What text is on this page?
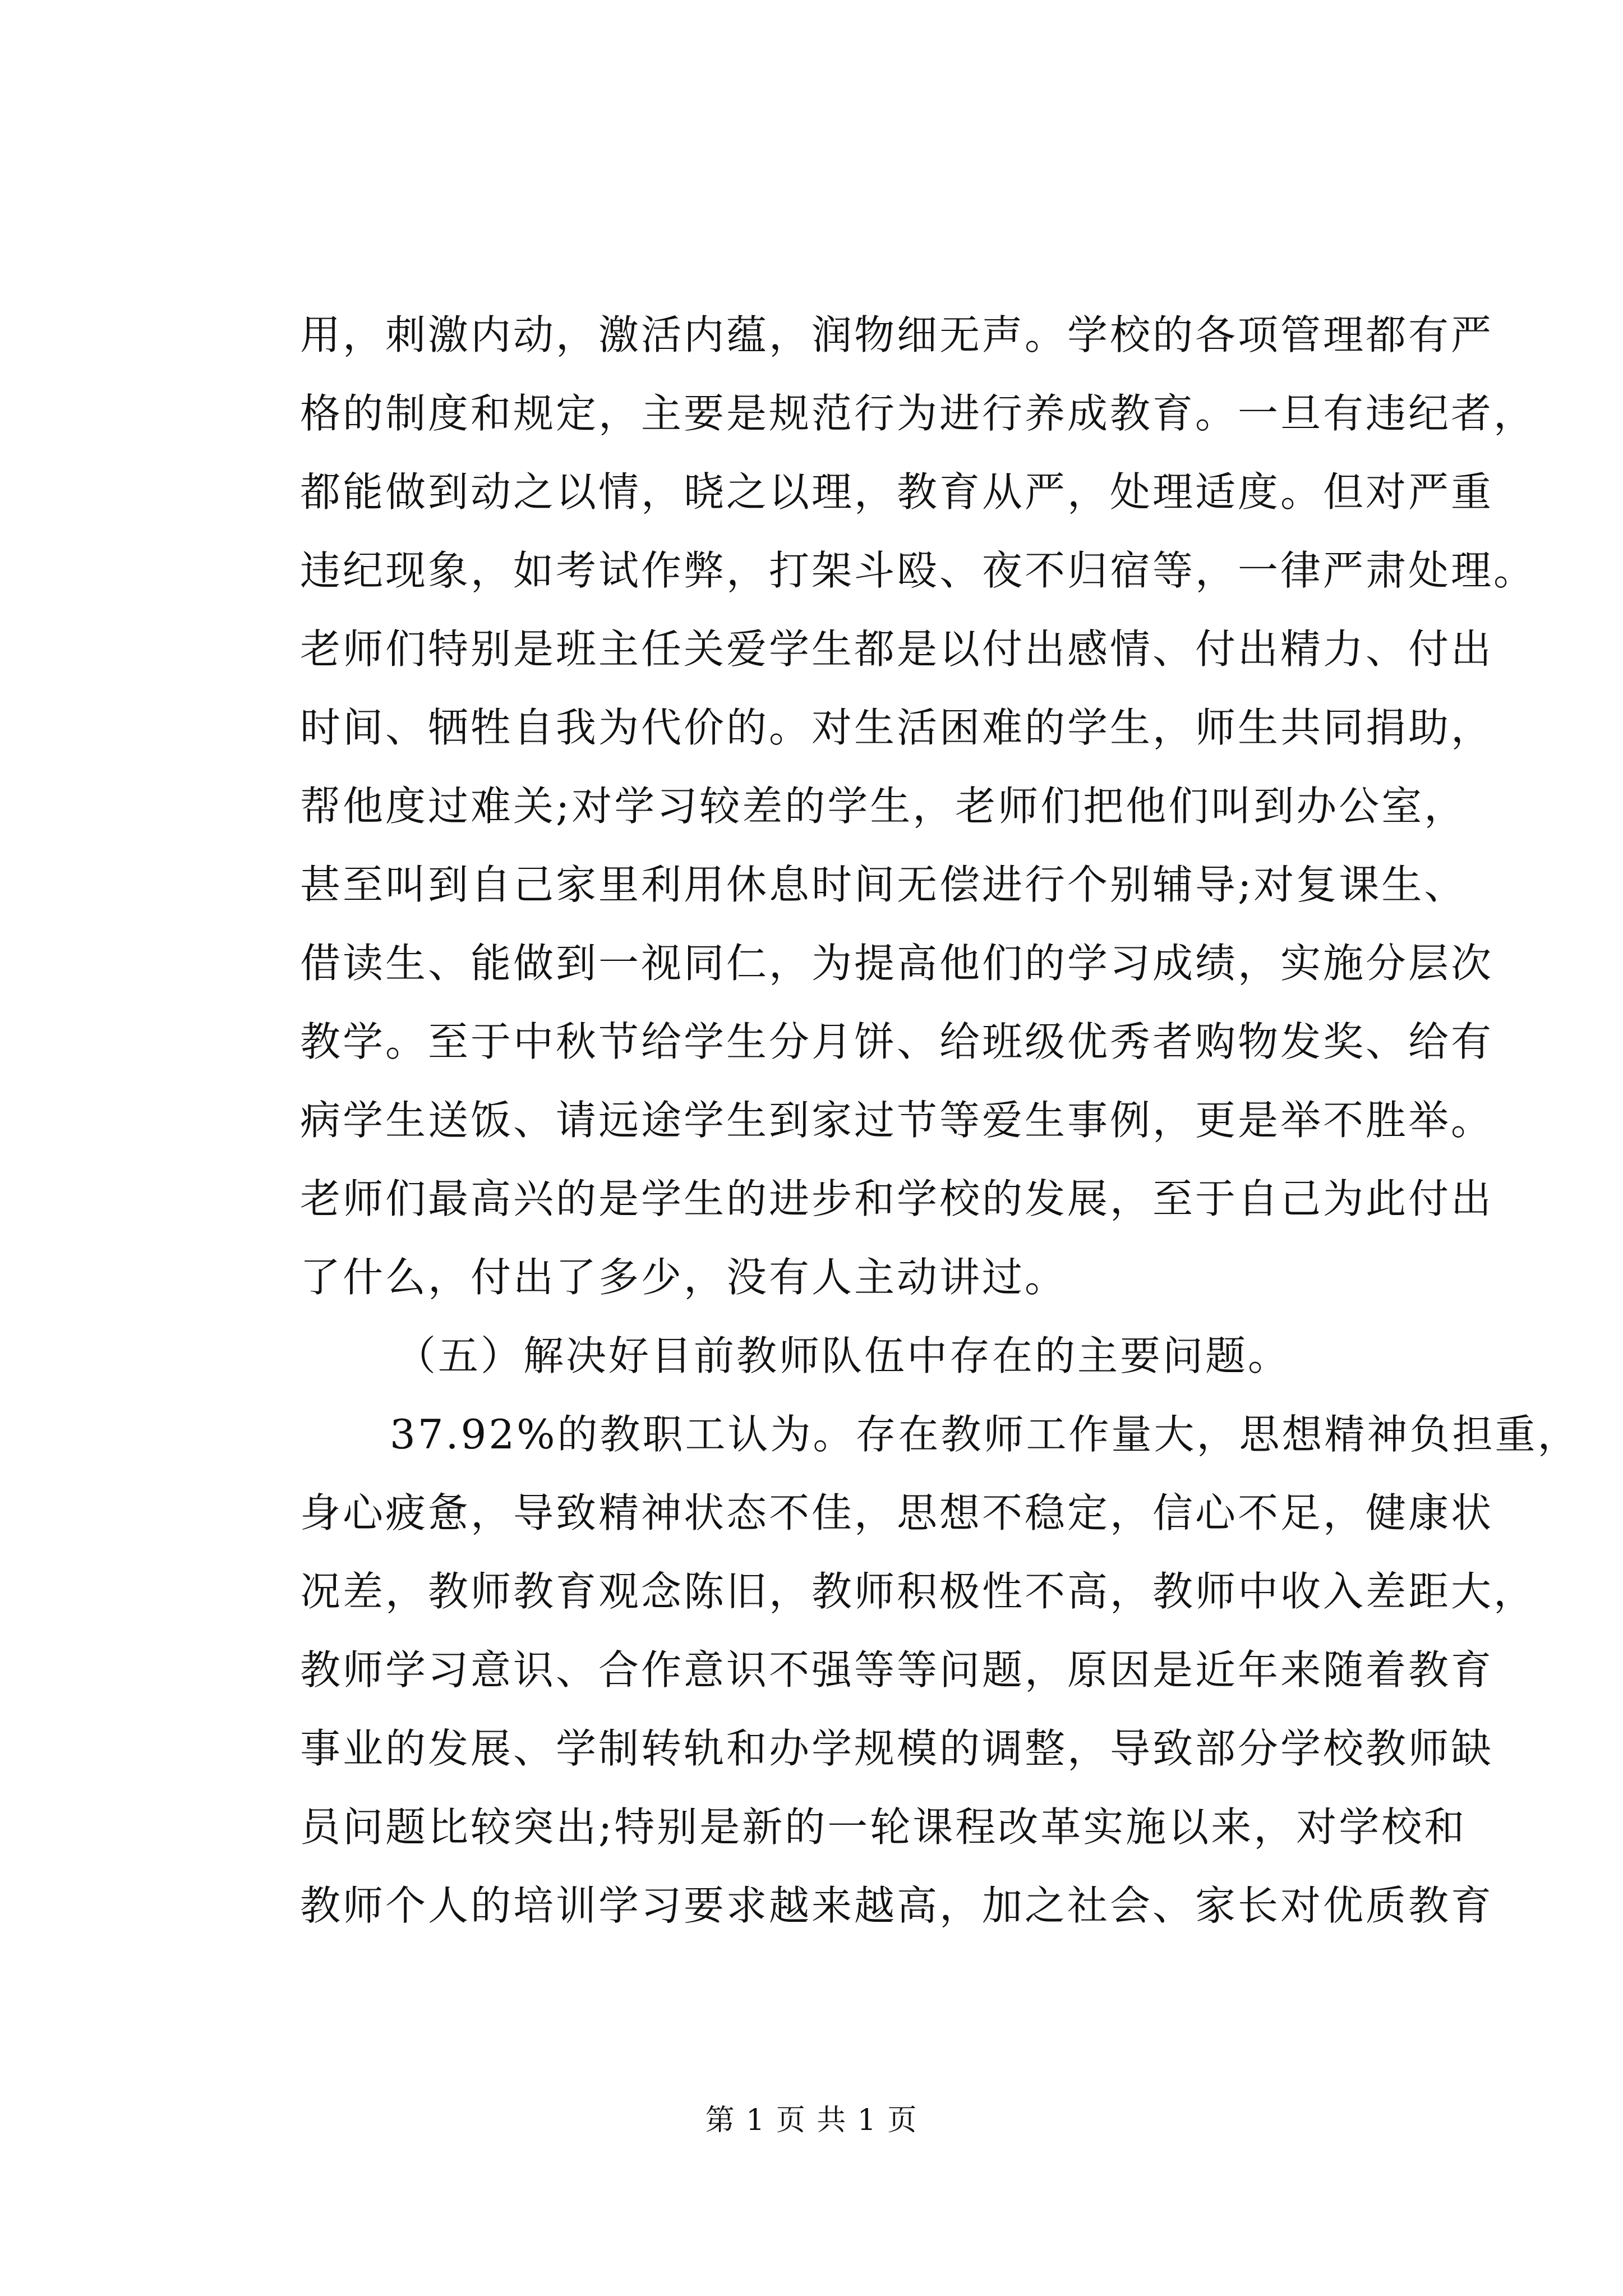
用，刺激内动，激活内蕴，润物细无声。学校的各项管理都有严
格的制度和规定，主要是规范行为进行养成教育。一旦有违纪者，
都能做到动之以情，晓之以理，教育从严，处理适度。但对严重
违纪现象，如考试作弊，打架斗殴、夜不归宿等，一律严肃处理。
老师们特别是班主任关爱学生都是以付出感情、付出精力、付出
时间、牺牲自我为代价的。对生活困难的学生，师生共同捐助，
帮他度过难关;对学习较差的学生，老师们把他们叫到办公室，
甚至叫到自己家里利用休息时间无偿进行个别辅导;对复课生、
借读生、能做到一视同仁，为提高他们的学习成绩，实施分层次
教学。至于中秋节给学生分月饼、给班级优秀者购物发奖、给有
病学生送饭、请远途学生到家过节等爱生事例，更是举不胜举。
老师们最高兴的是学生的进步和学校的发展，至于自己为此付出
了什么，付出了多少，没有人主动讲过。
（五）解决好目前教师队伍中存在的主要问题。
37.92%的教职工认为。存在教师工作量大，思想精神负担重，
身心疲惫，导致精神状态不佳，思想不稳定，信心不足，健康状
况差，教师教育观念陈旧，教师积极性不高，教师中收入差距大，
教师学习意识、合作意识不强等等问题，原因是近年来随着教育
事业的发展、学制转轨和办学规模的调整，导致部分学校教师缺
员问题比较突出;特别是新的一轮课程改革实施以来，对学校和
教师个人的培训学习要求越来越高，加之社会、家长对优质教育
第 1 页 共 1 页
